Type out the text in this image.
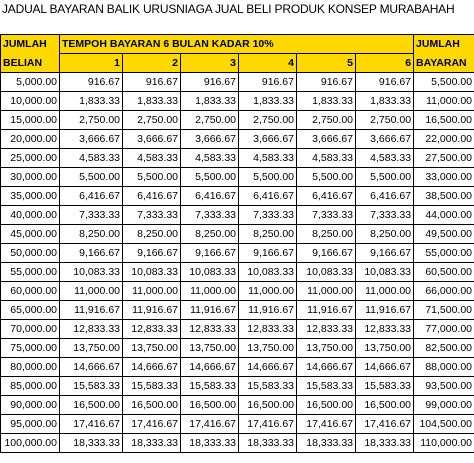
JADUAL BAYARAN BALIK URUSNIAGA JUAL BELI PRODUK KONSEP MURABAHAH
JUMLAH	TEMPOH BAYARAN 6 BULAN KADAR 10%						JUMLAH
BELIAN	1	2	3	4	5	6	BAYARAN
5,000.00	916.67	916.67	916.67	916.67	916.67	916.67	5,500.00
10,000.00	1,833.33	1,833.33	1,833.33	1,833.33	1,833.33	1,833.33	11,000.00
15,000.00	2,750.00	2,750.00	2,750.00	2,750.00	2,750.00	2,750.00	16,500.00
20,000.00	3,666.67	3,666.67	3,666.67	3,666.67	3,666.67	3,666.67	22,000.00
25,000.00	4,583.33	4,583.33	4,583.33	4,583.33	4,583.33	4,583.33	27,500.00
30,000.00	5,500.00	5,500.00	5,500.00	5,500.00	5,500.00	5,500.00	33,000.00
35,000.00	6,416.67	6,416.67	6,416.67	6,416.67	6,416.67	6,416.67	38,500.00
40,000.00	7,333.33	7,333.33	7,333.33	7,333.33	7,333.33	7,333.33	44,000.00
45,000.00	8,250.00	8,250.00	8,250.00	8,250.00	8,250.00	8,250.00	49,500.00
50,000.00	9,166.67	9,166.67	9,166.67	9,166.67	9,166.67	9,166.67	55,000.00
55,000.00	10,083.33	10,083.33	10,083.33	10,083.33	10,083.33	10,083.33	60,500.00
60,000.00	11,000.00	11,000.00	11,000.00	11,000.00	11,000.00	11,000.00	66,000.00
65,000.00	11,916.67	11,916.67	11,916.67	11,916.67	11,916.67	11,916.67	71,500.00
70,000.00	12,833.33	12,833.33	12,833.33	12,833.33	12,833.33	12,833.33	77,000.00
75,000.00	13,750.00	13,750.00	13,750.00	13,750.00	13,750.00	13,750.00	82,500.00
80,000.00	14,666.67	14,666.67	14,666.67	14,666.67	14,666.67	14,666.67	88,000.00
85,000.00	15,583.33	15,583.33	15,583.33	15,583.33	15,583.33	15,583.33	93,500.00
90,000.00	16,500.00	16,500.00	16,500.00	16,500.00	16,500.00	16,500.00	99,000.00
95,000.00	17,416.67	17,416.67	17,416.67	17,416.67	17,416.67	17,416.67	104,500.00
100,000.00	18,333.33	18,333.33	18,333.33	18,333.33	18,333.33	18,333.33	110,000.00
